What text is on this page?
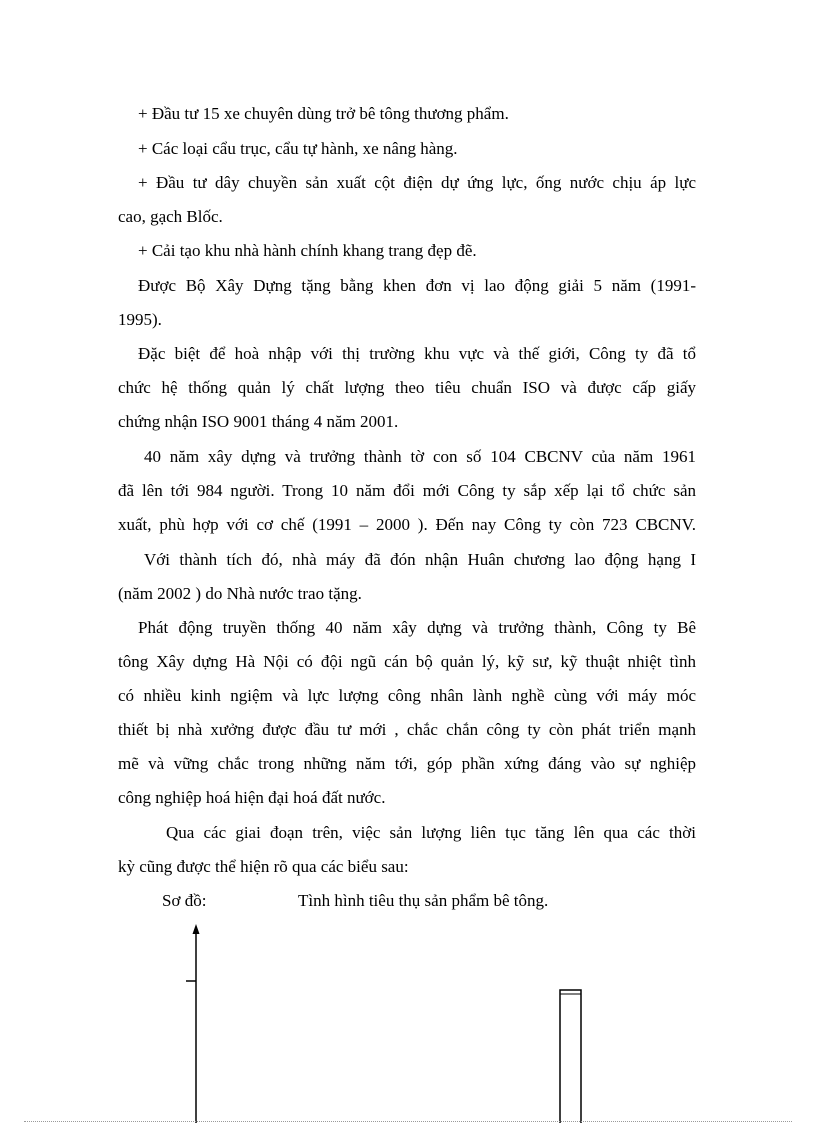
+ Đầu tư 15 xe chuyên dùng trở bê tông thương phẩm.

+ Các loại cẩu trục, cẩu tự hành, xe nâng hàng.

+ Đầu tư dây chuyền sản xuất cột điện dự ứng lực, ống nước chịu áp lực
cao, gạch Blốc.

+ Cải tạo khu nhà hành chính khang trang đẹp đẽ.

Được Bộ Xây Dựng tặng bằng khen đơn vị lao động giải 5 năm (1991-
1995).

Đặc biệt để hoà nhập với thị trường khu vực và thế giới, Công ty đã tổ
chức hệ thống quản lý chất lượng theo tiêu chuẩn ISO và được cấp giấy
chứng nhận ISO 9001 tháng 4 năm 2001.

40 năm xây dựng và trưởng thành tờ con số 104 CBCNV của năm 1961
đã lên tới 984 người. Trong 10 năm đổi mới Công ty sắp xếp lại tổ chức sản
xuất, phù hợp với cơ chế (1991 – 2000 ). Đến nay Công ty còn 723 CBCNV.

Với thành tích đó, nhà máy đã đón nhận Huân chương lao động hạng I
(năm 2002 ) do Nhà nước trao tặng.

Phát động truyền thống 40 năm xây dựng và trưởng thành, Công ty Bê
tông Xây dựng Hà Nội có đội ngũ cán bộ quản lý, kỹ sư, kỹ thuật nhiệt tình
có nhiều kinh ngiệm và lực lượng công nhân lành nghề cùng với máy móc
thiết bị nhà xưởng được đầu tư mới , chắc chắn công ty còn phát triển mạnh
mẽ và vững chắc trong những năm tới, góp phần xứng đáng vào sự nghiệp
công nghiệp hoá hiện đại hoá đất nước.

Qua các giai đoạn trên, việc sản lượng liên tục tăng lên qua các thời
kỳ cũng được thể hiện rõ qua các biểu sau:

Sơ đồ:	Tình hình tiêu thụ sản phẩm bê tông.
